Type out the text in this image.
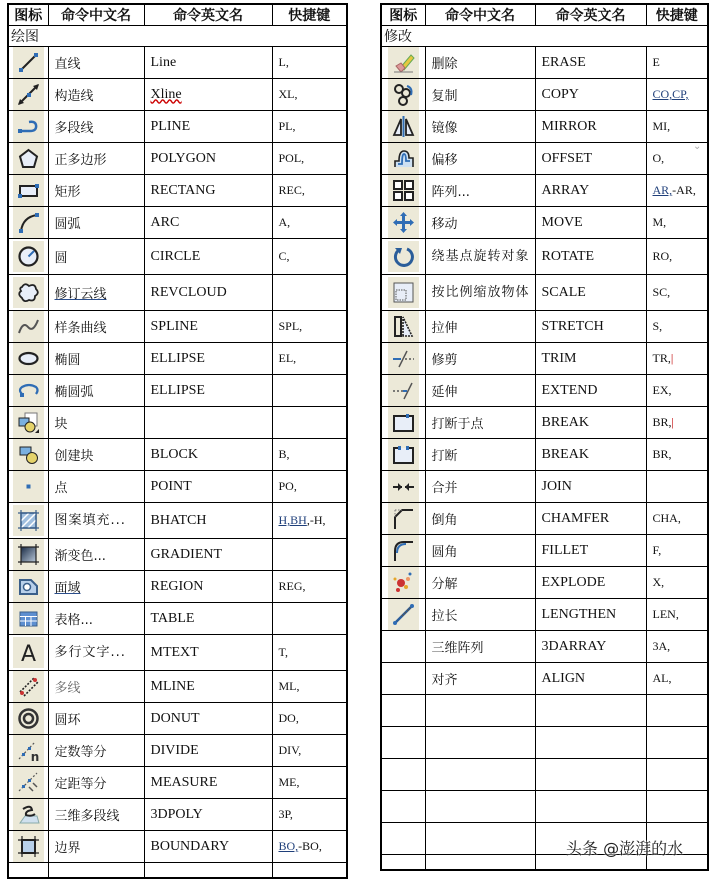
图标	命令中文名	命令英文名	快捷键
绘图			

	直线	Line	L,

	构造线	Xline	XL,

	多段线	PLINE	PL,

	正多边形	POLYGON	POL,

	矩形	RECTANG	REC,

	圆弧	ARC	A,

	圆	CIRCLE	C,

	修订云线	REVCLOUD	

	样条曲线	SPLINE	SPL,

	椭圆	ELLIPSE	EL,

	椭圆弧	ELLIPSE	

	块		

	创建块	BLOCK	B,

	点	POINT	PO,

	图案填充...	BHATCH	H,BH,-H,

	渐变色...	GRADIENT	

	面域	REGION	REG,

	表格...	TABLE	

A	多行文字...	MTEXT	T,

	多线	MLINE	ML,

	圆环	DONUT	DO,

n	定数等分	DIVIDE	DIV,

	定距等分	MEASURE	ME,

	三维多段线	3DPOLY	3P,

	边界	BOUNDARY	BO,-BO,

图标	命令中文名	命令英文名	快捷键
修改			

	删除	ERASE	E

	复制	COPY	CO,CP,

	镜像	MIRROR	MI,

	偏移	OFFSET	O,

	阵列...	ARRAY	AR,-AR,

	移动	MOVE	M,

	绕基点旋转对象	ROTATE	RO,

	按比例缩放物体	SCALE	SC,

	拉伸	STRETCH	S,

	修剪	TRIM	TR,|

	延伸	EXTEND	EX,

	打断于点	BREAK	BR,|

	打断	BREAK	BR,

	合并	JOIN	

	倒角	CHAMFER	CHA,

	圆角	FILLET	F,

	分解	EXPLODE	X,

	拉长	LENGTHEN	LEN,
	三维阵列	3DARRAY	3A,
	对齐	ALIGN	AL,

⌄
头条 @澎湃的水
